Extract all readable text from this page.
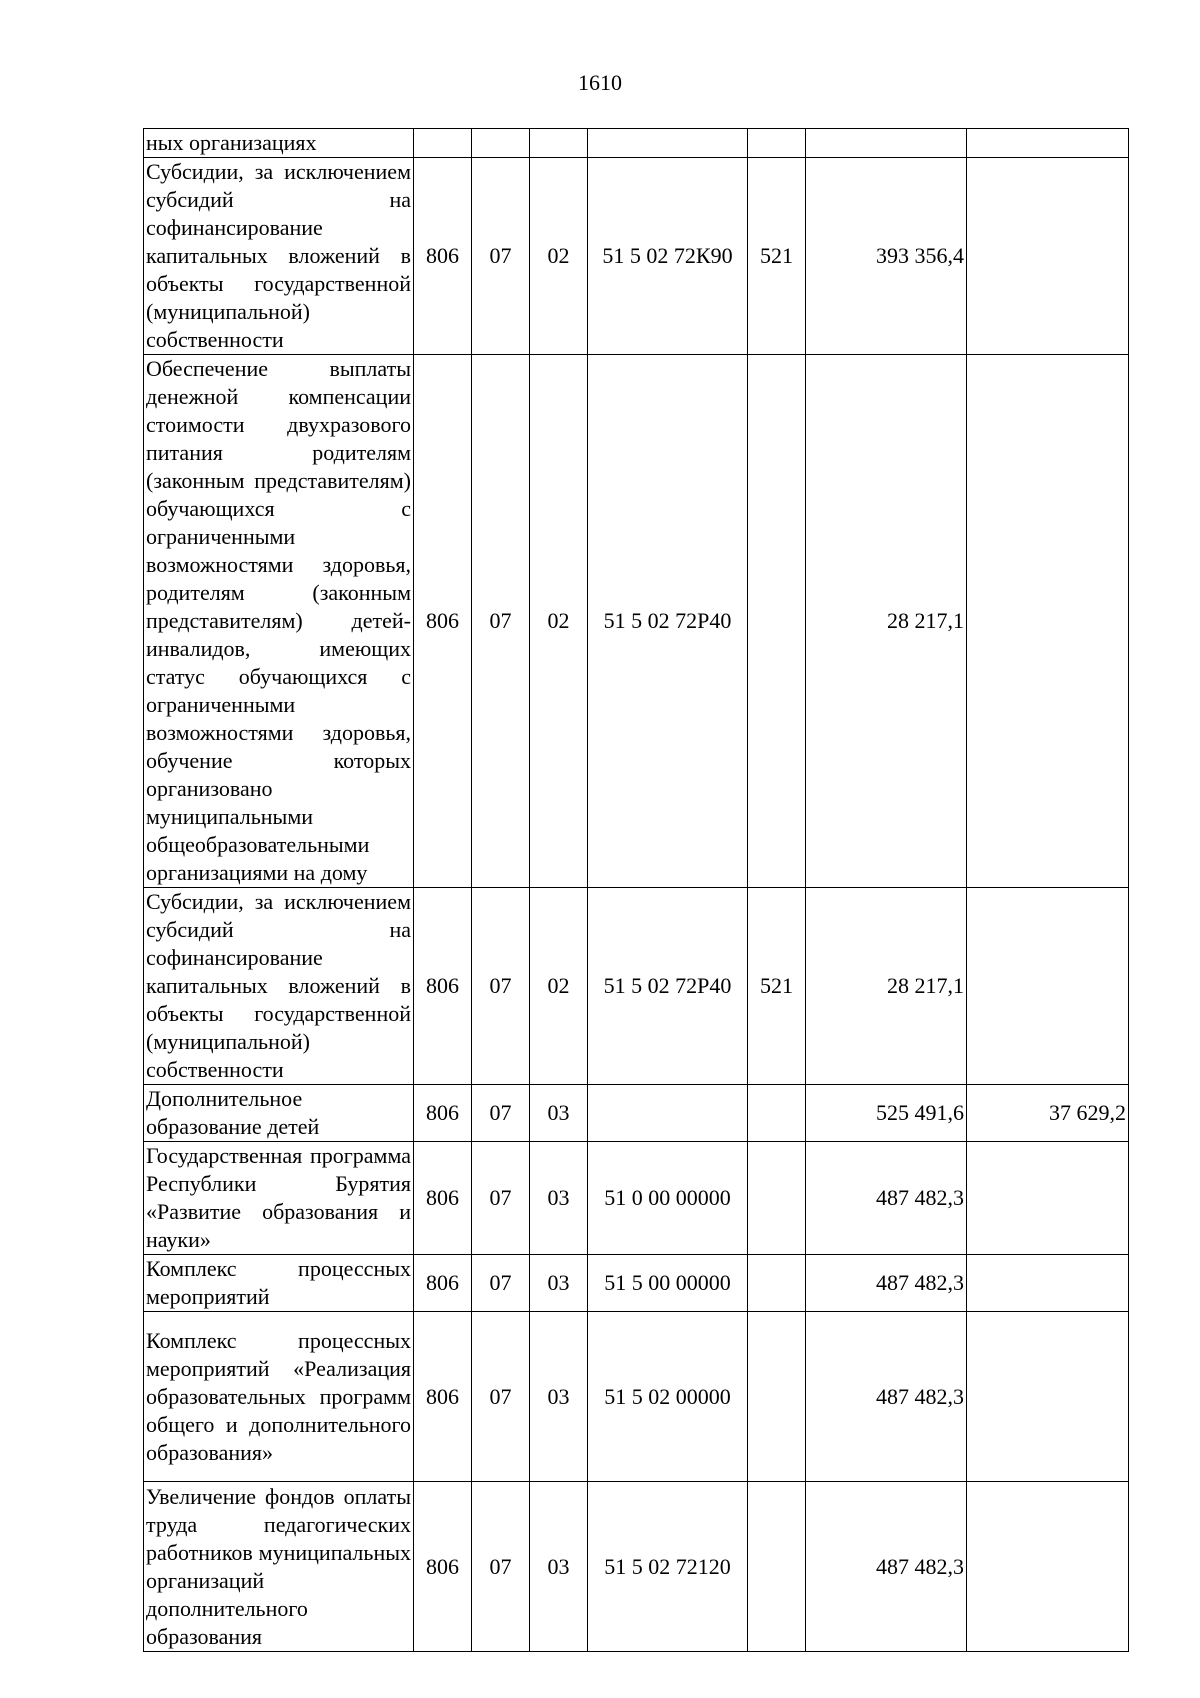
1610
ных организациях							
Субсидии, за исключением субсидий на софинансирование капитальных вложений в объекты государственной (муниципальной) собственности	806	07	02	51 5 02 72К90	521	393 356,4	
Обеспечение выплаты денежной компенсации стоимости двухразового питания родителям (законным представителям) обучающихся с ограниченными возможностями здоровья, родителям (законным представителям) детей-инвалидов, имеющих статус обучающихся с ограниченными возможностями здоровья, обучение которых организовано муниципальными общеобразовательными организациями на дому	806	07	02	51 5 02 72Р40		28 217,1	
Субсидии, за исключением субсидий на софинансирование капитальных вложений в объекты государственной (муниципальной) собственности	806	07	02	51 5 02 72Р40	521	28 217,1	
Дополнительное образование детей	806	07	03			525 491,6	37 629,2
Государственная программа Республики Бурятия «Развитие образования и науки»	806	07	03	51 0 00 00000		487 482,3	
Комплекс процессных мероприятий	806	07	03	51 5 00 00000		487 482,3	
Комплекс процессных мероприятий «Реализация образовательных программ общего и дополнительного образования»	806	07	03	51 5 02 00000		487 482,3	
Увеличение фондов оплаты труда педагогических работников муниципальных организаций дополнительного образования	806	07	03	51 5 02 72120		487 482,3	
